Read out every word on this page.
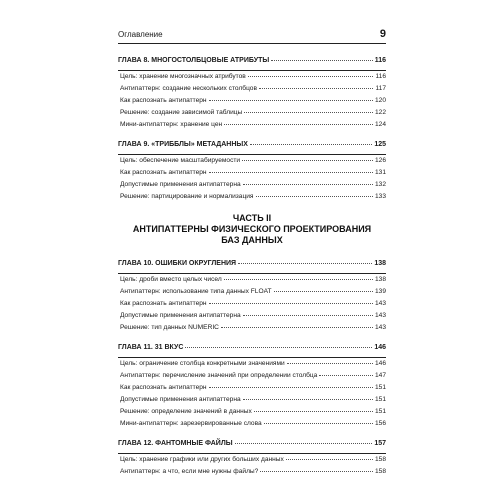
Оглавление	9
ГЛАВА 8. МНОГОСТОЛБЦОВЫЕ АТРИБУТЫ	116
Цель: хранение многозначных атрибутов	116
Антипаттерн: создание нескольких столбцов	117
Как распознать антипаттерн	120
Решение: создание зависимой таблицы	122
Мини-антипаттерн: хранение цен	124
ГЛАВА 9. «ТРИББЛЫ» МЕТАДАННЫХ	125
Цель: обеспечение масштабируемости	126
Как распознать антипаттерн	131
Допустимые применения антипаттерна	132
Решение: партицирование и нормализация	133
ЧАСТЬ II
АНТИПАТТЕРНЫ ФИЗИЧЕСКОГО ПРОЕКТИРОВАНИЯ
БАЗ ДАННЫХ
ГЛАВА 10. ОШИБКИ ОКРУГЛЕНИЯ	138
Цель: дроби вместо целых чисел	138
Антипаттерн: использование типа данных FLOAT	139
Как распознать антипаттерн	143
Допустимые применения антипаттерна	143
Решение: тип данных NUMERIC	143
ГЛАВА 11. 31 ВКУС	146
Цель: ограничение столбца конкретными значениями	146
Антипаттерн: перечисление значений при определении столбца	147
Как распознать антипаттерн	151
Допустимые применения антипаттерна	151
Решение: определение значений в данных	151
Мини-антипаттерн: зарезервированные слова	156
ГЛАВА 12. ФАНТОМНЫЕ ФАЙЛЫ	157
Цель: хранение графики или других больших данных	158
Антипаттерн: а что, если мне нужны файлы?	158
